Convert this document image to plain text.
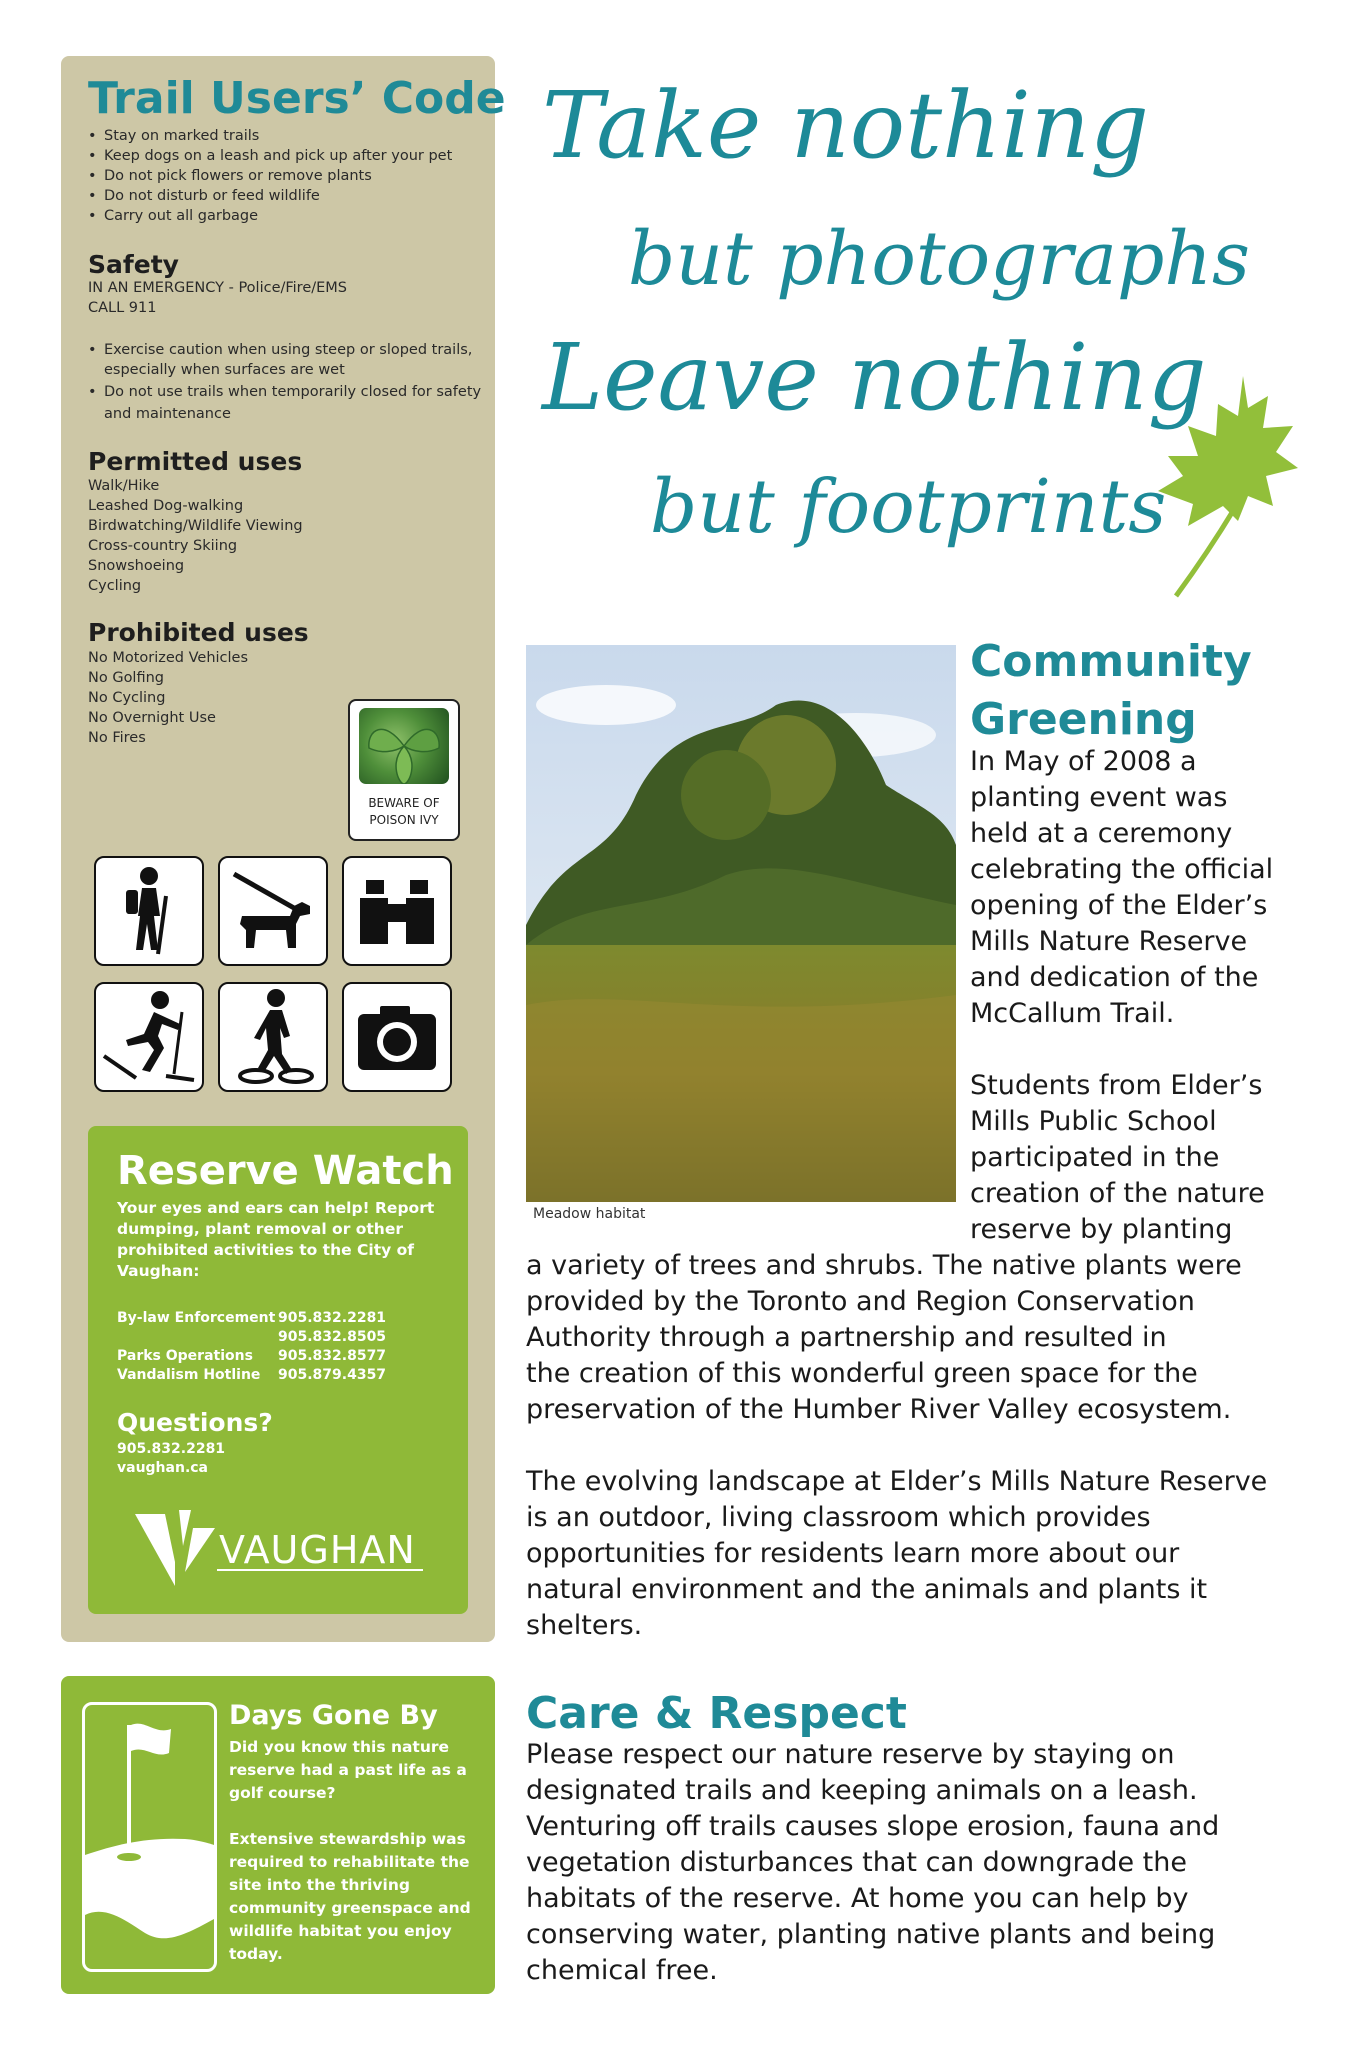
Trail Users’ Code
• Stay on marked trails
• Keep dogs on a leash and pick up after your pet
• Do not pick flowers or remove plants
• Do not disturb or feed wildlife
• Carry out all garbage
Safety

IN AN EMERGENCY - Police/Fire/EMS

CALL 911

• Exercise caution when using steep or sloped trails,
especially when surfaces are wet
• Do not use trails when temporarily closed for safety
and maintenance
Permitted uses
Walk/Hike
Leashed Dog-walking
Birdwatching/Wildlife Viewing
Cross-country Skiing
Snowshoeing
Cycling
Prohibited uses
No Motorized Vehicles
No Golfing
No Cycling
No Overnight Use
No Fires
BEWARE OF
POISON IVY
Reserve Watch

Your eyes and ears can help! Report dumping, plant removal or other prohibited activities to the City of Vaughan:

By-law Enforcement 905.832.2281
905.832.8505
Parks Operations 905.832.8577
Vandalism Hotline 905.879.4357
Questions?
905.832.2281
vaughan.ca
VAUGHAN
Days Gone By

Did you know this nature reserve had a past life as a golf course?

Extensive stewardship was required to rehabilitate the site into the thriving community greenspace and wildlife habitat you enjoy today.

Take nothing
but photographs
Leave nothing
but footprints

Meadow habitat

Community
Greening

In May of 2008 a

planting event was

held at a ceremony

celebrating the official

opening of the Elder’s

Mills Nature Reserve

and dedication of the

McCallum Trail.

Students from Elder’s

Mills Public School

participated in the

creation of the nature

reserve by planting

a variety of trees and shrubs. The native plants were

provided by the Toronto and Region Conservation

Authority through a partnership and resulted in

the creation of this wonderful green space for the

preservation of the Humber River Valley ecosystem.

The evolving landscape at Elder’s Mills Nature Reserve

is an outdoor, living classroom which provides

opportunities for residents learn more about our

natural environment and the animals and plants it

shelters.

Care & Respect

Please respect our nature reserve by staying on

designated trails and keeping animals on a leash.

Venturing off trails causes slope erosion, fauna and

vegetation disturbances that can downgrade the

habitats of the reserve. At home you can help by

conserving water, planting native plants and being

chemical free.
